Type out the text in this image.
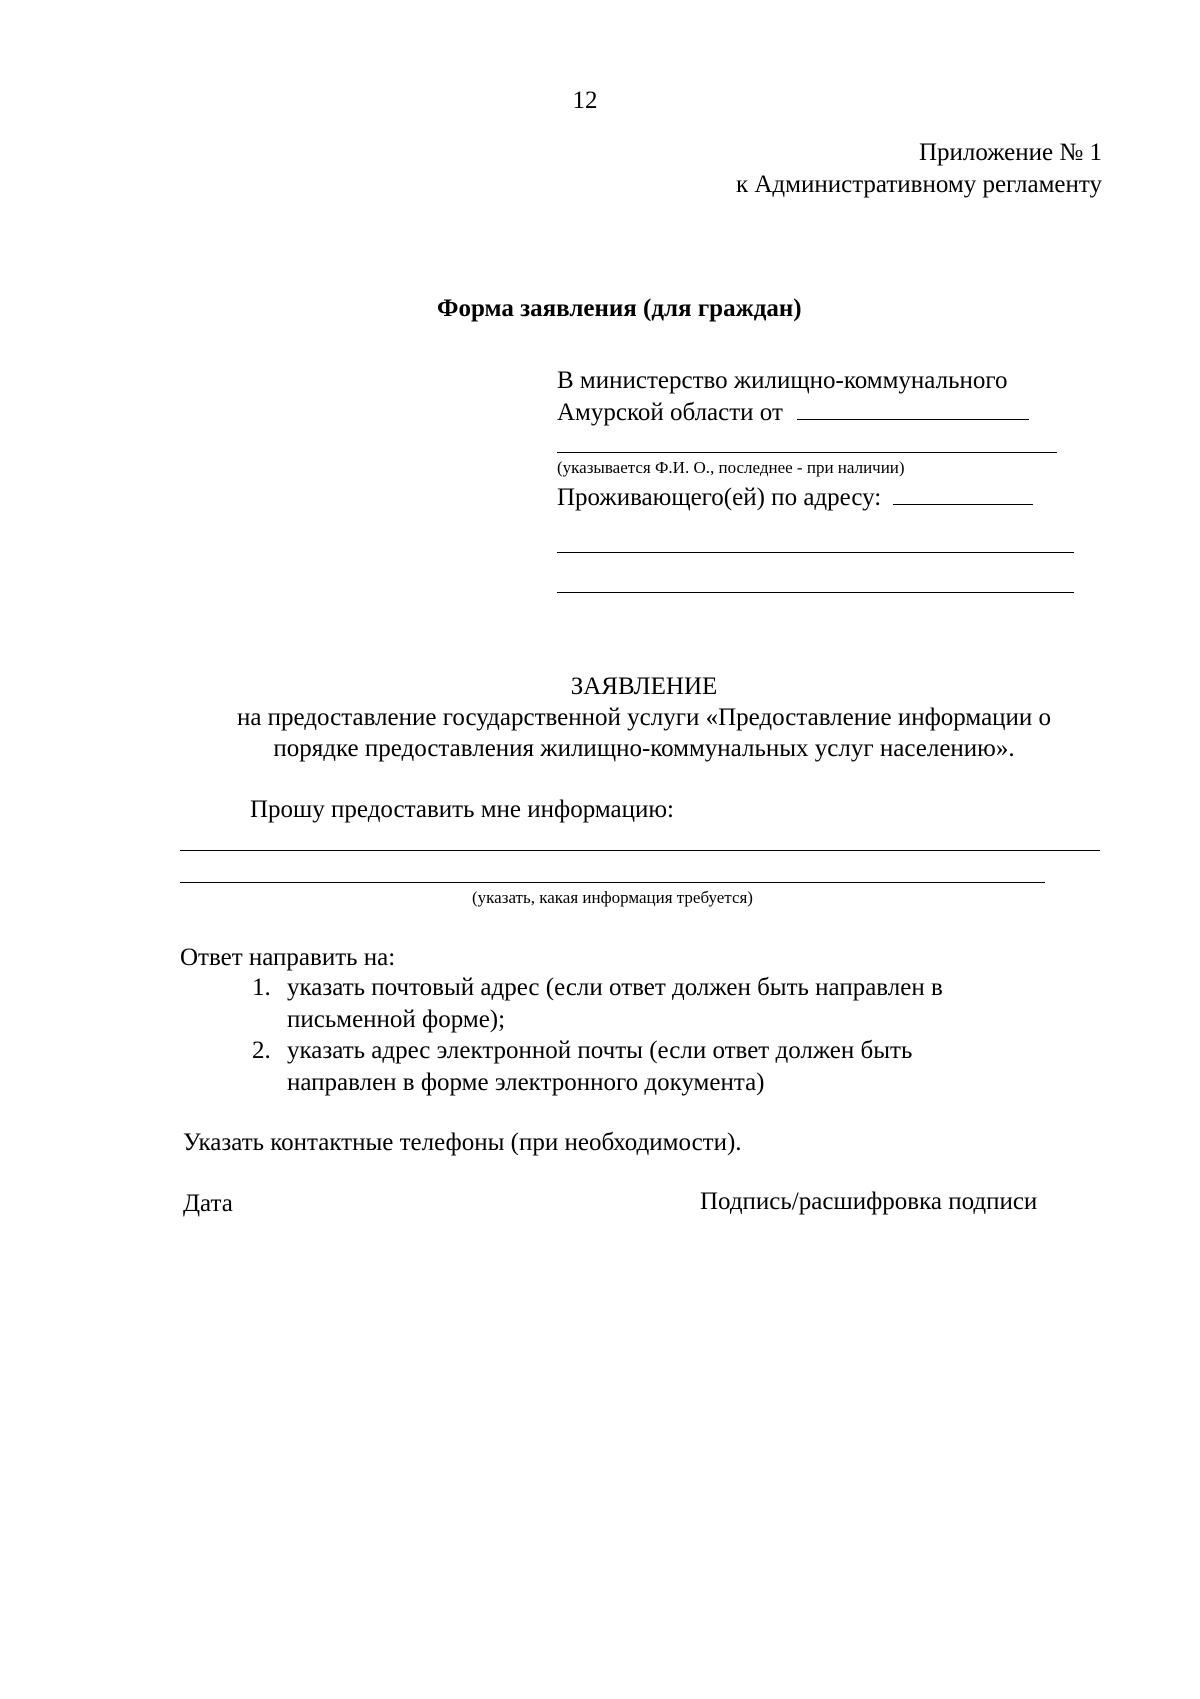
12
Приложение № 1
к Административному регламенту
Форма заявления (для граждан)
В министерство жилищно-коммунального
Амурской области от
(указывается Ф.И. О., последнее - при наличии)
Проживающего(ей) по адресу:
ЗАЯВЛЕНИЕ
на предоставление государственной услуги «Предоставление информации о
порядке предоставления жилищно-коммунальных услуг населению».
Прошу предоставить мне информацию:
(указать, какая информация требуется)
Ответ направить на:
1. указать почтовый адрес (если ответ должен быть направлен в
письменной форме);
2. указать адрес электронной почты (если ответ должен быть
направлен в форме электронного документа)
Указать контактные телефоны (при необходимости).
Дата	Подпись/расшифровка подписи
